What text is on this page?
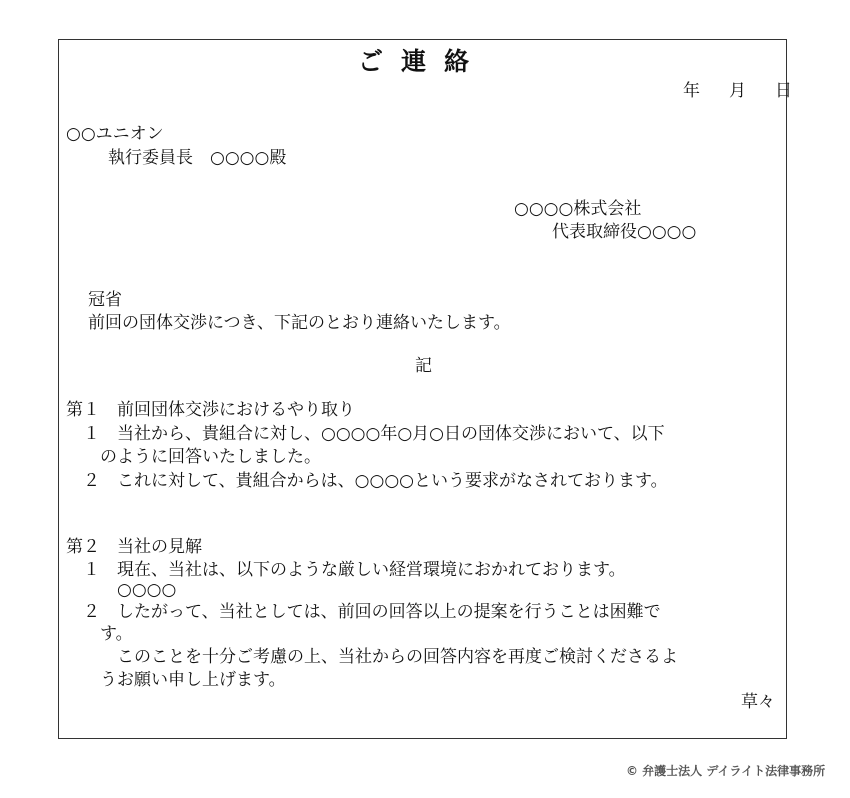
ご連絡
年　月　日
○○ユニオン
執行委員長　○○○○殿
○○○○株式会社
代表取締役○○○○
冠省
前回の団体交渉につき、下記のとおり連絡いたします。
記
第１　前回団体交渉におけるやり取り
　１　当社から、貴組合に対し、○○○○年○月○日の団体交渉において、以下
　　のように回答いたしました。
　２　これに対して、貴組合からは、○○○○という要求がなされております。
第２　当社の見解
　１　現在、当社は、以下のような厳しい経営環境におかれております。
　　　○○○○
　２　したがって、当社としては、前回の回答以上の提案を行うことは困難で
　　す。
　　　このことを十分ご考慮の上、当社からの回答内容を再度ご検討くださるよ
　　うお願い申し上げます。
草々
© 弁護士法人 デイライト法律事務所
